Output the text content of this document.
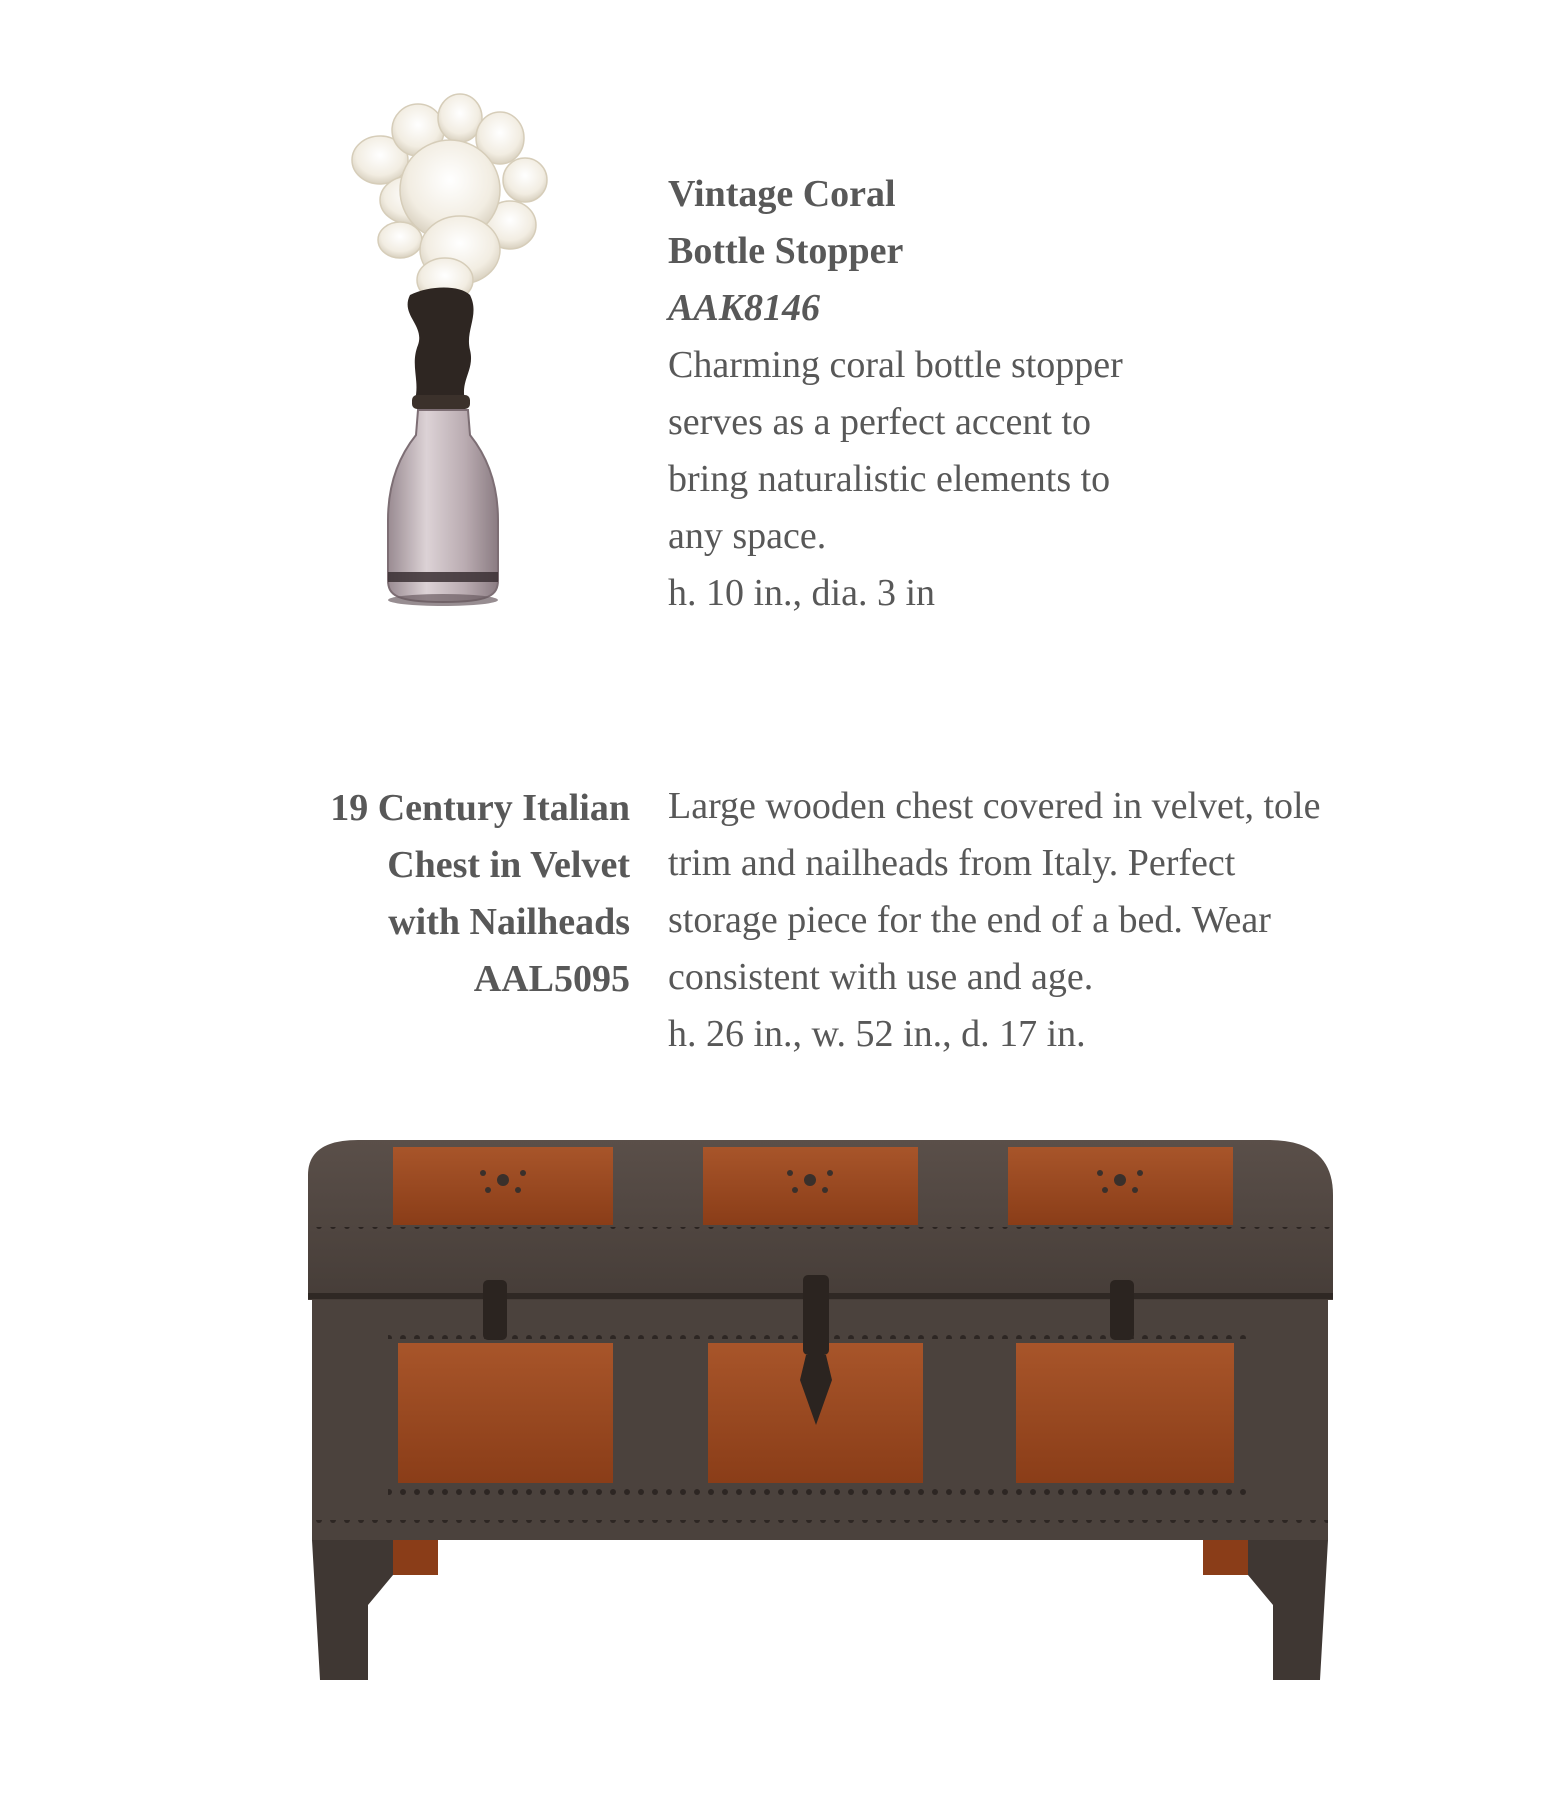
Vintage Coral
Bottle Stopper
AAK8146
Charming coral bottle stopper serves as a perfect accent to bring naturalistic elements to any space.
h. 10 in., dia. 3 in
19 Century Italian
Chest in Velvet
with Nailheads
AAL5095
Large wooden chest covered in velvet, tole trim and nailheads from Italy. Perfect storage piece for the end of a bed. Wear consistent with use and age.
h. 26 in., w. 52 in., d. 17 in.
